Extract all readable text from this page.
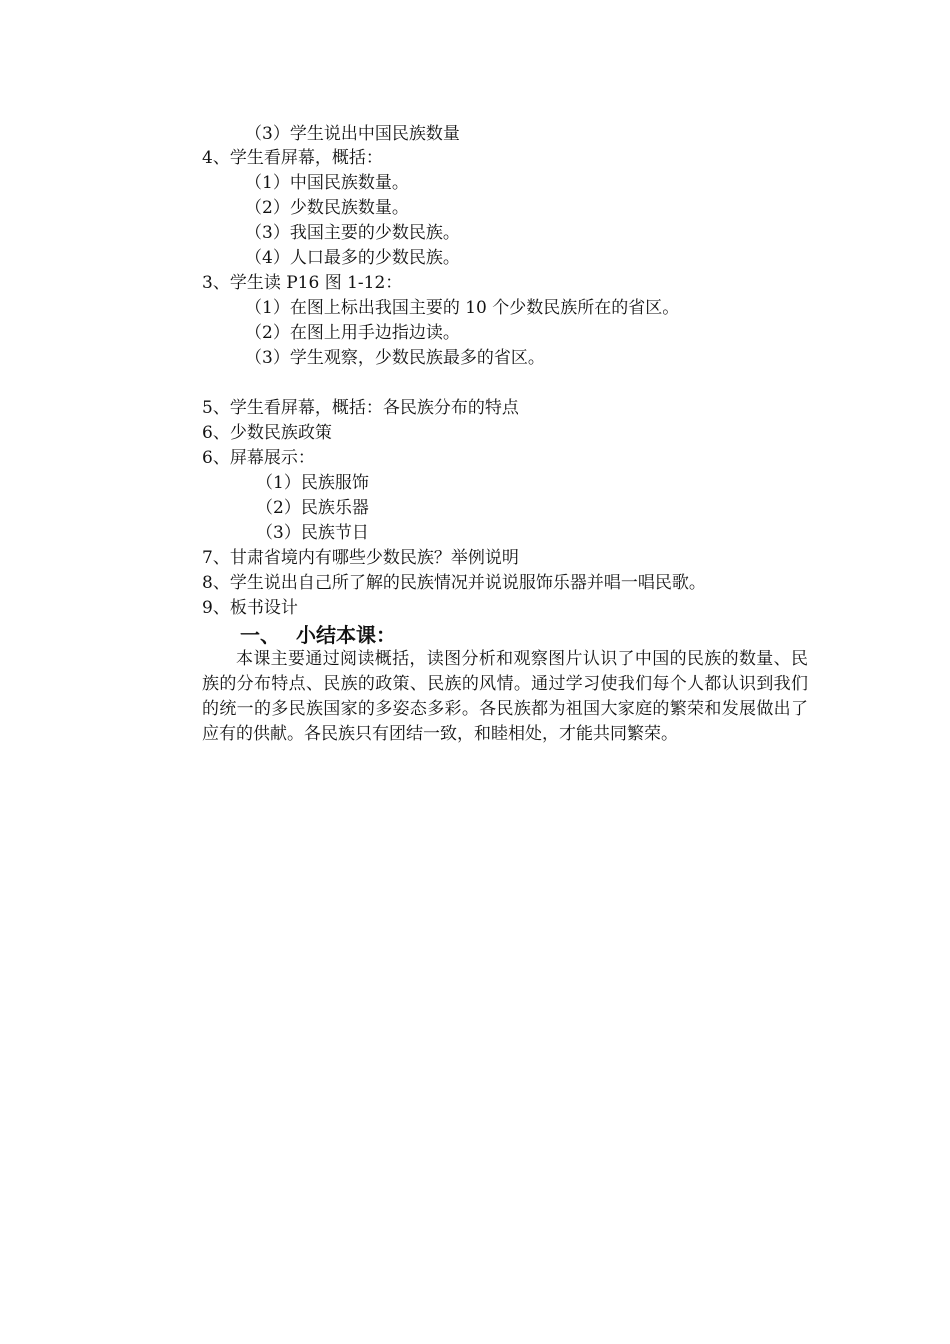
（3）学生说出中国民族数量
4、学生看屏幕，概括：
（1）中国民族数量。
（2）少数民族数量。
（3）我国主要的少数民族。
（4）人口最多的少数民族。
3、学生读 P16 图 1-12：
（1）在图上标出我国主要的 10 个少数民族所在的省区。
（2）在图上用手边指边读。
（3）学生观察，少数民族最多的省区。
5、学生看屏幕，概括：各民族分布的特点
6、少数民族政策
6、屏幕展示：
（1）民族服饰
（2）民族乐器
（3）民族节日
7、甘肃省境内有哪些少数民族？举例说明
8、学生说出自己所了解的民族情况并说说服饰乐器并唱一唱民歌。
9、板书设计
一、 小结本课：

本课主要通过阅读概括，读图分析和观察图片认识了中国的民族的数量、民族的分布特点、民族的政策、民族的风情。通过学习使我们每个人都认识到我们的统一的多民族国家的多姿态多彩。各民族都为祖国大家庭的繁荣和发展做出了应有的供献。各民族只有团结一致，和睦相处，才能共同繁荣。
